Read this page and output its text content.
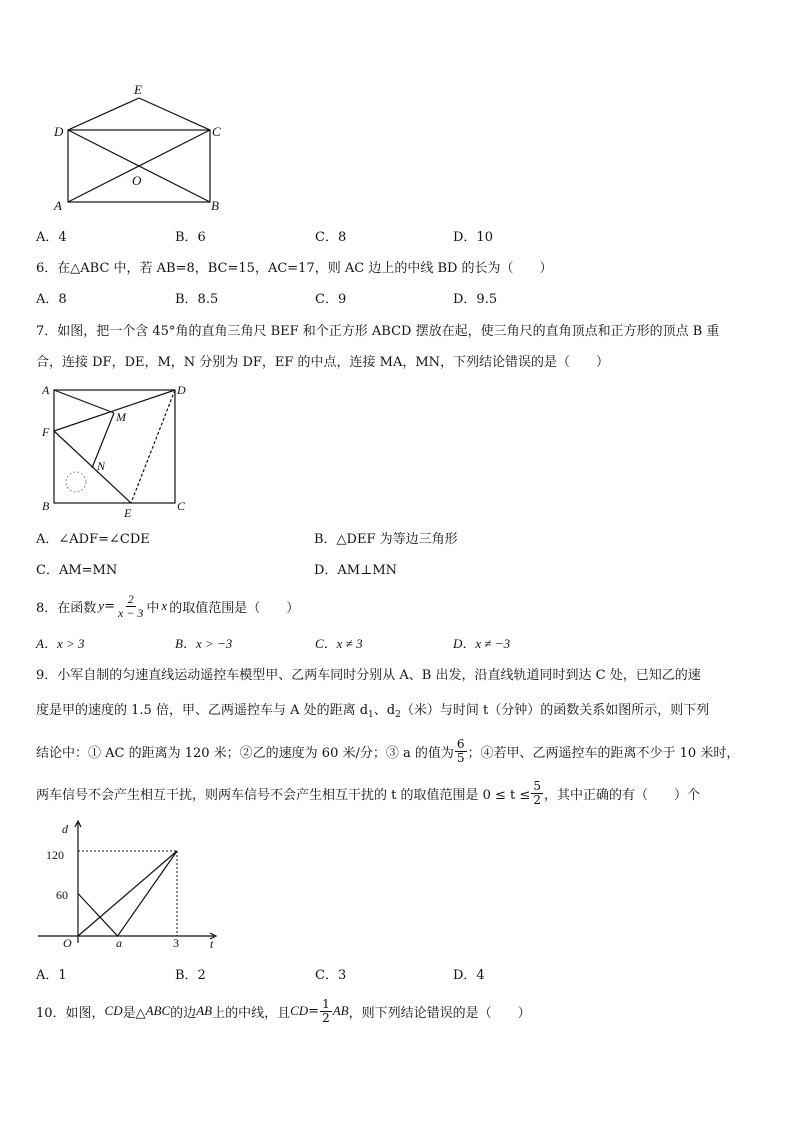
E
D	C
O
A	B
A．4	B．6	C．8	D．10
6．在△ABC 中，若 AB=8，BC=15，AC=17，则 AC 边上的中线 BD 的长为（　　）
A．8	B．8.5	C．9	D．9.5
7．如图，把一个含 45°角的直角三角尺 BEF 和个正方形 ABCD 摆放在起，使三角尺的直角顶点和正方形的顶点 B 重
合，连接 DF，DE，M，N 分别为 DF，EF 的中点，连接 MA，MN，下列结论错误的是（　　）
A	D
M
F
N
B	E	C
A．∠ADF=∠CDE	B．△DEF 为等边三角形
C．AM=MN	D．AM⊥MN
8．在函数 $y = \frac{2}{x - 3}$ 中 x 的取值范围是（　　）
A．x > 3	B．x > −3	C．x ≠ 3	D．x ≠ −3
9．小军自制的匀速直线运动遥控车模型甲、乙两车同时分别从 A、B 出发，沿直线轨道同时到达 C 处，已知乙的速
度是甲的速度的 1.5 倍，甲、乙两遥控车与 A 处的距离 $d_1$、$d_2$（米）与时间 t（分钟）的函数关系如图所示，则下列
结论中：① AC 的距离为 120 米；②乙的速度为 60 米/分；③ a 的值为 $\frac{6}{5}$ ；④若甲、乙两遥控车的距离不少于 10 米时，
两车信号不会产生相互干扰，则两车信号不会产生相互干扰的 t 的取值范围是 $0 \le t \le \frac{5}{2}$ ，其中正确的有（　　）个
d
t
120
60
O	a	3
A．1	B．2	C．3	D．4
10．如图， CD 是△ ABC 的边 AB 上的中线，且 CD = $\frac{1}{2}$ AB ，则下列结论错误的是（　　）
